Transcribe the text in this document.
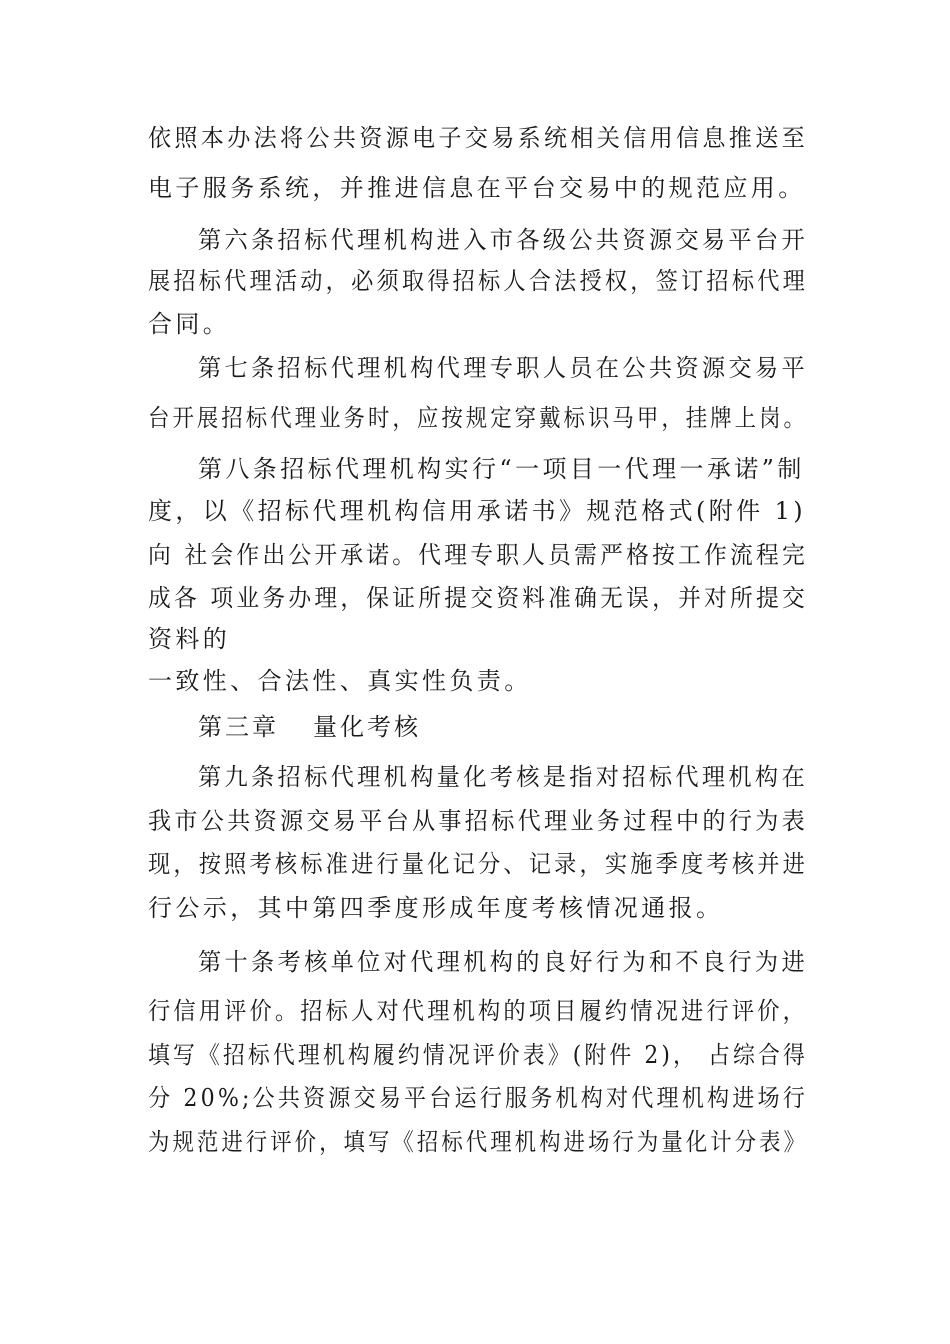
依照本办法将公共资源电子交易系统相关信用信息推送至
电子服务系统，并推进信息在平台交易中的规范应用。
第六条招标代理机构进入市各级公共资源交易平台开
展招标代理活动，必须取得招标人合法授权，签订招标代理
合同。
第七条招标代理机构代理专职人员在公共资源交易平
台开展招标代理业务时，应按规定穿戴标识马甲，挂牌上岗。
第八条招标代理机构实行“一项目一代理一承诺”制
度，以《招标代理机构信用承诺书》规范格式(附件 1)
向 社会作出公开承诺。代理专职人员需严格按工作流程完
成各 项业务办理，保证所提交资料准确无误，并对所提交
资料的
一致性、合法性、真实性负责。
第三章 量化考核
第九条招标代理机构量化考核是指对招标代理机构在
我市公共资源交易平台从事招标代理业务过程中的行为表
现，按照考核标准进行量化记分、记录，实施季度考核并进
行公示，其中第四季度形成年度考核情况通报。
第十条考核单位对代理机构的良好行为和不良行为进
行信用评价。招标人对代理机构的项目履约情况进行评价，
填写《招标代理机构履约情况评价表》(附件 2)， 占综合得
分 20%;公共资源交易平台运行服务机构对代理机构进场行
为规范进行评价，填写《招标代理机构进场行为量化计分表》
